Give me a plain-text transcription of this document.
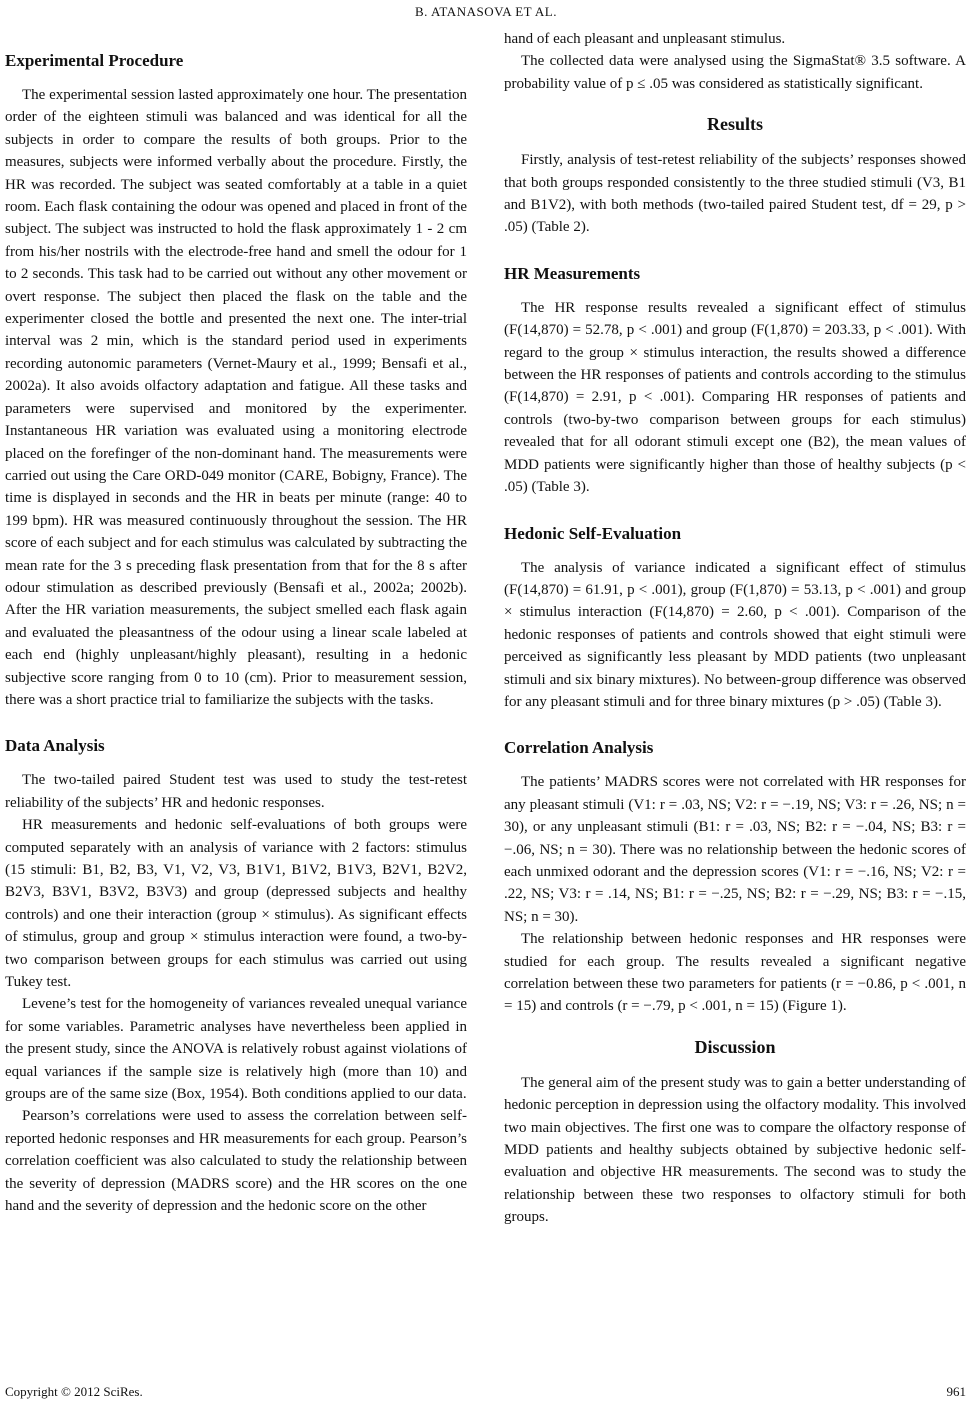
B. ATANASOVA ET AL.
Experimental Procedure

The experimental session lasted approximately one hour. The presentation order of the eighteen stimuli was balanced and was identical for all the subjects in order to compare the results of both groups. Prior to the measures, subjects were informed verbally about the procedure. Firstly, the HR was recorded. The subject was seated comfortably at a table in a quiet room. Each flask containing the odour was opened and placed in front of the subject. The subject was instructed to hold the flask approximately 1 - 2 cm from his/her nostrils with the electrode-free hand and smell the odour for 1 to 2 seconds. This task had to be carried out without any other movement or overt response. The subject then placed the flask on the table and the experimenter closed the bottle and presented the next one. The inter-trial interval was 2 min, which is the standard period used in experiments recording autonomic parameters (Vernet-Maury et al., 1999; Bensafi et al., 2002a). It also avoids olfactory adaptation and fatigue. All these tasks and parameters were supervised and monitored by the experimenter. Instantaneous HR variation was evaluated using a monitoring electrode placed on the forefinger of the non-dominant hand. The measurements were carried out using the Care ORD-049 monitor (CARE, Bobigny, France). The time is displayed in seconds and the HR in beats per minute (range: 40 to 199 bpm). HR was measured continuously throughout the session. The HR score of each subject and for each stimulus was calculated by subtracting the mean rate for the 3 s preceding flask presentation from that for the 8 s after odour stimulation as described previously (Bensafi et al., 2002a; 2002b). After the HR variation measurements, the subject smelled each flask again and evaluated the pleasantness of the odour using a linear scale labeled at each end (highly unpleasant/highly pleasant), resulting in a hedonic subjective score ranging from 0 to 10 (cm). Prior to measurement session, there was a short practice trial to familiarize the subjects with the tasks.

Data Analysis

The two-tailed paired Student test was used to study the test-retest reliability of the subjects’ HR and hedonic responses.

HR measurements and hedonic self-evaluations of both groups were computed separately with an analysis of variance with 2 factors: stimulus (15 stimuli: B1, B2, B3, V1, V2, V3, B1V1, B1V2, B1V3, B2V1, B2V2, B2V3, B3V1, B3V2, B3V3) and group (depressed subjects and healthy controls) and one their interaction (group × stimulus). As significant effects of stimulus, group and group × stimulus interaction were found, a two-by-two comparison between groups for each stimulus was carried out using Tukey test.

Levene’s test for the homogeneity of variances revealed unequal variance for some variables. Parametric analyses have nevertheless been applied in the present study, since the ANOVA is relatively robust against violations of equal variances if the sample size is relatively high (more than 10) and groups are of the same size (Box, 1954). Both conditions applied to our data.

Pearson’s correlations were used to assess the correlation between self-reported hedonic responses and HR measurements for each group. Pearson’s correlation coefficient was also calculated to study the relationship between the severity of depression (MADRS score) and the HR scores on the one hand and the severity of depression and the hedonic score on the other

hand of each pleasant and unpleasant stimulus.

The collected data were analysed using the SigmaStat® 3.5 software. A probability value of p ≤ .05 was considered as statistically significant.

Results

Firstly, analysis of test-retest reliability of the subjects’ responses showed that both groups responded consistently to the three studied stimuli (V3, B1 and B1V2), with both methods (two-tailed paired Student test, df = 29, p > .05) (Table 2).

HR Measurements

The HR response results revealed a significant effect of stimulus (F(14,870) = 52.78, p < .001) and group (F(1,870) = 203.33, p < .001). With regard to the group × stimulus interaction, the results showed a difference between the HR responses of patients and controls according to the stimulus (F(14,870) = 2.91, p < .001). Comparing HR responses of patients and controls (two-by-two comparison between groups for each stimulus) revealed that for all odorant stimuli except one (B2), the mean values of MDD patients were significantly higher than those of healthy subjects (p < .05) (Table 3).

Hedonic Self-Evaluation

The analysis of variance indicated a significant effect of stimulus (F(14,870) = 61.91, p < .001), group (F(1,870) = 53.13, p < .001) and group × stimulus interaction (F(14,870) = 2.60, p < .001). Comparison of the hedonic responses of patients and controls showed that eight stimuli were perceived as significantly less pleasant by MDD patients (two unpleasant stimuli and six binary mixtures). No between-group difference was observed for any pleasant stimuli and for three binary mixtures (p > .05) (Table 3).

Correlation Analysis

The patients’ MADRS scores were not correlated with HR responses for any pleasant stimuli (V1: r = .03, NS; V2: r = −.19, NS; V3: r = .26, NS; n = 30), or any unpleasant stimuli (B1: r = .03, NS; B2: r = −.04, NS; B3: r = −.06, NS; n = 30). There was no relationship between the hedonic scores of each unmixed odorant and the depression scores (V1: r = −.16, NS; V2: r = .22, NS; V3: r = .14, NS; B1: r = −.25, NS; B2: r = −.29, NS; B3: r = −.15, NS; n = 30).

The relationship between hedonic responses and HR responses were studied for each group. The results revealed a significant negative correlation between these two parameters for patients (r = −0.86, p < .001, n = 15) and controls (r = −.79, p < .001, n = 15) (Figure 1).

Discussion

The general aim of the present study was to gain a better understanding of hedonic perception in depression using the olfactory modality. This involved two main objectives. The first one was to compare the olfactory response of MDD patients and healthy subjects obtained by subjective hedonic self-evaluation and objective HR measurements. The second was to study the relationship between these two responses to olfactory stimuli for both groups.

Copyright © 2012 SciRes.	961
